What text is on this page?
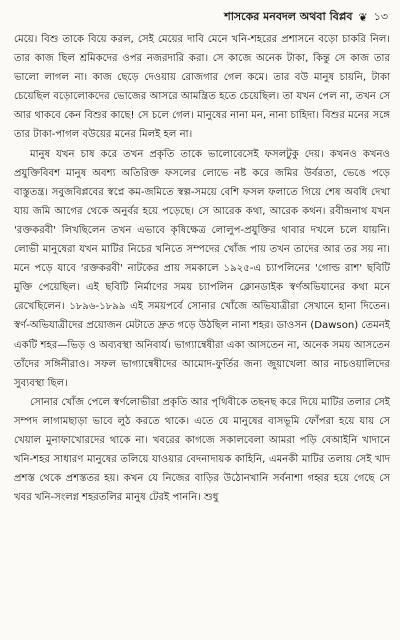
শাসকের মনবদল অথবা বিপ্লব ❦ ১৩

মেয়ে। বিশু তাকে বিয়ে করল, সেই মেয়ের দাবি মেনে খনি-শহরের প্রশাসনে বড়ো চাকরি নিল। তার কাজ ছিল শ্রমিকদের ওপর নজরদারি করা। সে কাজে অনেক টাকা, কিন্তু সে কাজ তার ভালো লাগল না। কাজ ছেড়ে দেওয়ায় রোজগার গেল কমে। তার বউ মানুষ চায়নি, টাকা চেয়েছিল বড়োলোকদের ভোজের আসরে আমন্ত্রিত হতে চেয়েছিল। তা যখন পেল না, তখন সে আর থাকবে কেন বিশুর কাছে! সে চলে গেল। মানুষের নানা মন, নানা চাহিদা। বিশুর মনের সঙ্গে তার টাকা-পাগল বউয়ের মনের মিলই হল না।

মানুষ যখন চাষ করে তখন প্রকৃতি তাকে ভালোবেসেই ফসলটুকু দেয়। কখনও কখনও প্রযুক্তিবিবশ মানুষ অবশ্য অতিরিক্ত ফসলের লোভে নষ্ট করে জমির উর্বরতা, ভেঙে পড়ে বাস্তুতন্ত্র। সবুজবিপ্লবের স্বপ্নে কম-জমিতে স্বল্প-সময়ে বেশি ফসল ফলাতে গিয়ে শেষ অবধি দেখা যায় জমি আগের থেকে অনুর্বর হয়ে পড়েছে। সে আরেক কথা, আরেক কথন। রবীন্দ্রনাথ যখন 'রক্তকরবী' লিখছিলেন তখন এভাবে কৃষিক্ষেত্র লোলুপ-প্রযুক্তির থাবার দখলে চলে যায়নি। লোভী মানুষেরা যখন মাটির নিচের খনিতে সম্পদের খোঁজ পায় তখন তাদের আর তর সয় না। মনে পড়ে যাবে 'রক্তকরবী' নাটকের প্রায় সমকালে ১৯২৫-এ চ্যাপলিনের 'গোল্ড রাশ' ছবিটি মুক্তি পেয়েছিল। এই ছবিটি নির্মাণের সময় চ্যাপলিন ক্লোনডাইক স্বর্ণঅভিযানের কথা মনে রেখেছিলেন। ১৮৯৬-১৮৯৯ এই সময়পর্বে সোনার খোঁজে অভিযাত্রীরা সেখানে হানা দিতেন। স্বর্ণ-অভিযাত্রীদের প্রয়োজন মেটাতে দ্রুত গড়ে উঠছিল নানা শহর। ডাওসন (Dawson) তেমনই একটি শহর—ভিড় ও অব্যবস্থা অনিবার্য। ভাগ্যান্বেষীরা একা আসতেন না, অনেক সময় আসতেন তাঁদের সঙ্গিনীরাও। সফল ভাগ্যান্বেষীদের আমোদ-ফুর্তির জন্য জুয়াখেলা আর নাচওয়ালিদের সুব্যবস্থা ছিল।

সোনার খোঁজ পেলে স্বর্ণলোভীরা প্রকৃতি আর পৃথিবীকে তছনছ করে দিয়ে মাটির তলার সেই সম্পদ লাগামছাড়া ভাবে লুঠ করতে থাকে। এতে যে মানুষের বাসভূমি ফোঁপরা হয়ে যায় সে খেয়াল মুনাফাখোরদের থাকে না। খবরের কাগজে সকালবেলা আমরা পড়ি বেআইনি খাদানে খনি-শহর সাধারণ মানুষের তলিয়ে যাওয়ার বেদনাদায়ক কাহিনি, এমনকী মাটির তলায় সেই খাদ প্রশস্ত থেকে প্রশস্ততর হয়। কখন যে নিজের বাড়ির উঠোনখানি সর্বনাশা গহ্বর হয়ে গেছে সে খবর খনি-সংলগ্ন শহরতলির মানুষ টেরই পাননি। শুধু
